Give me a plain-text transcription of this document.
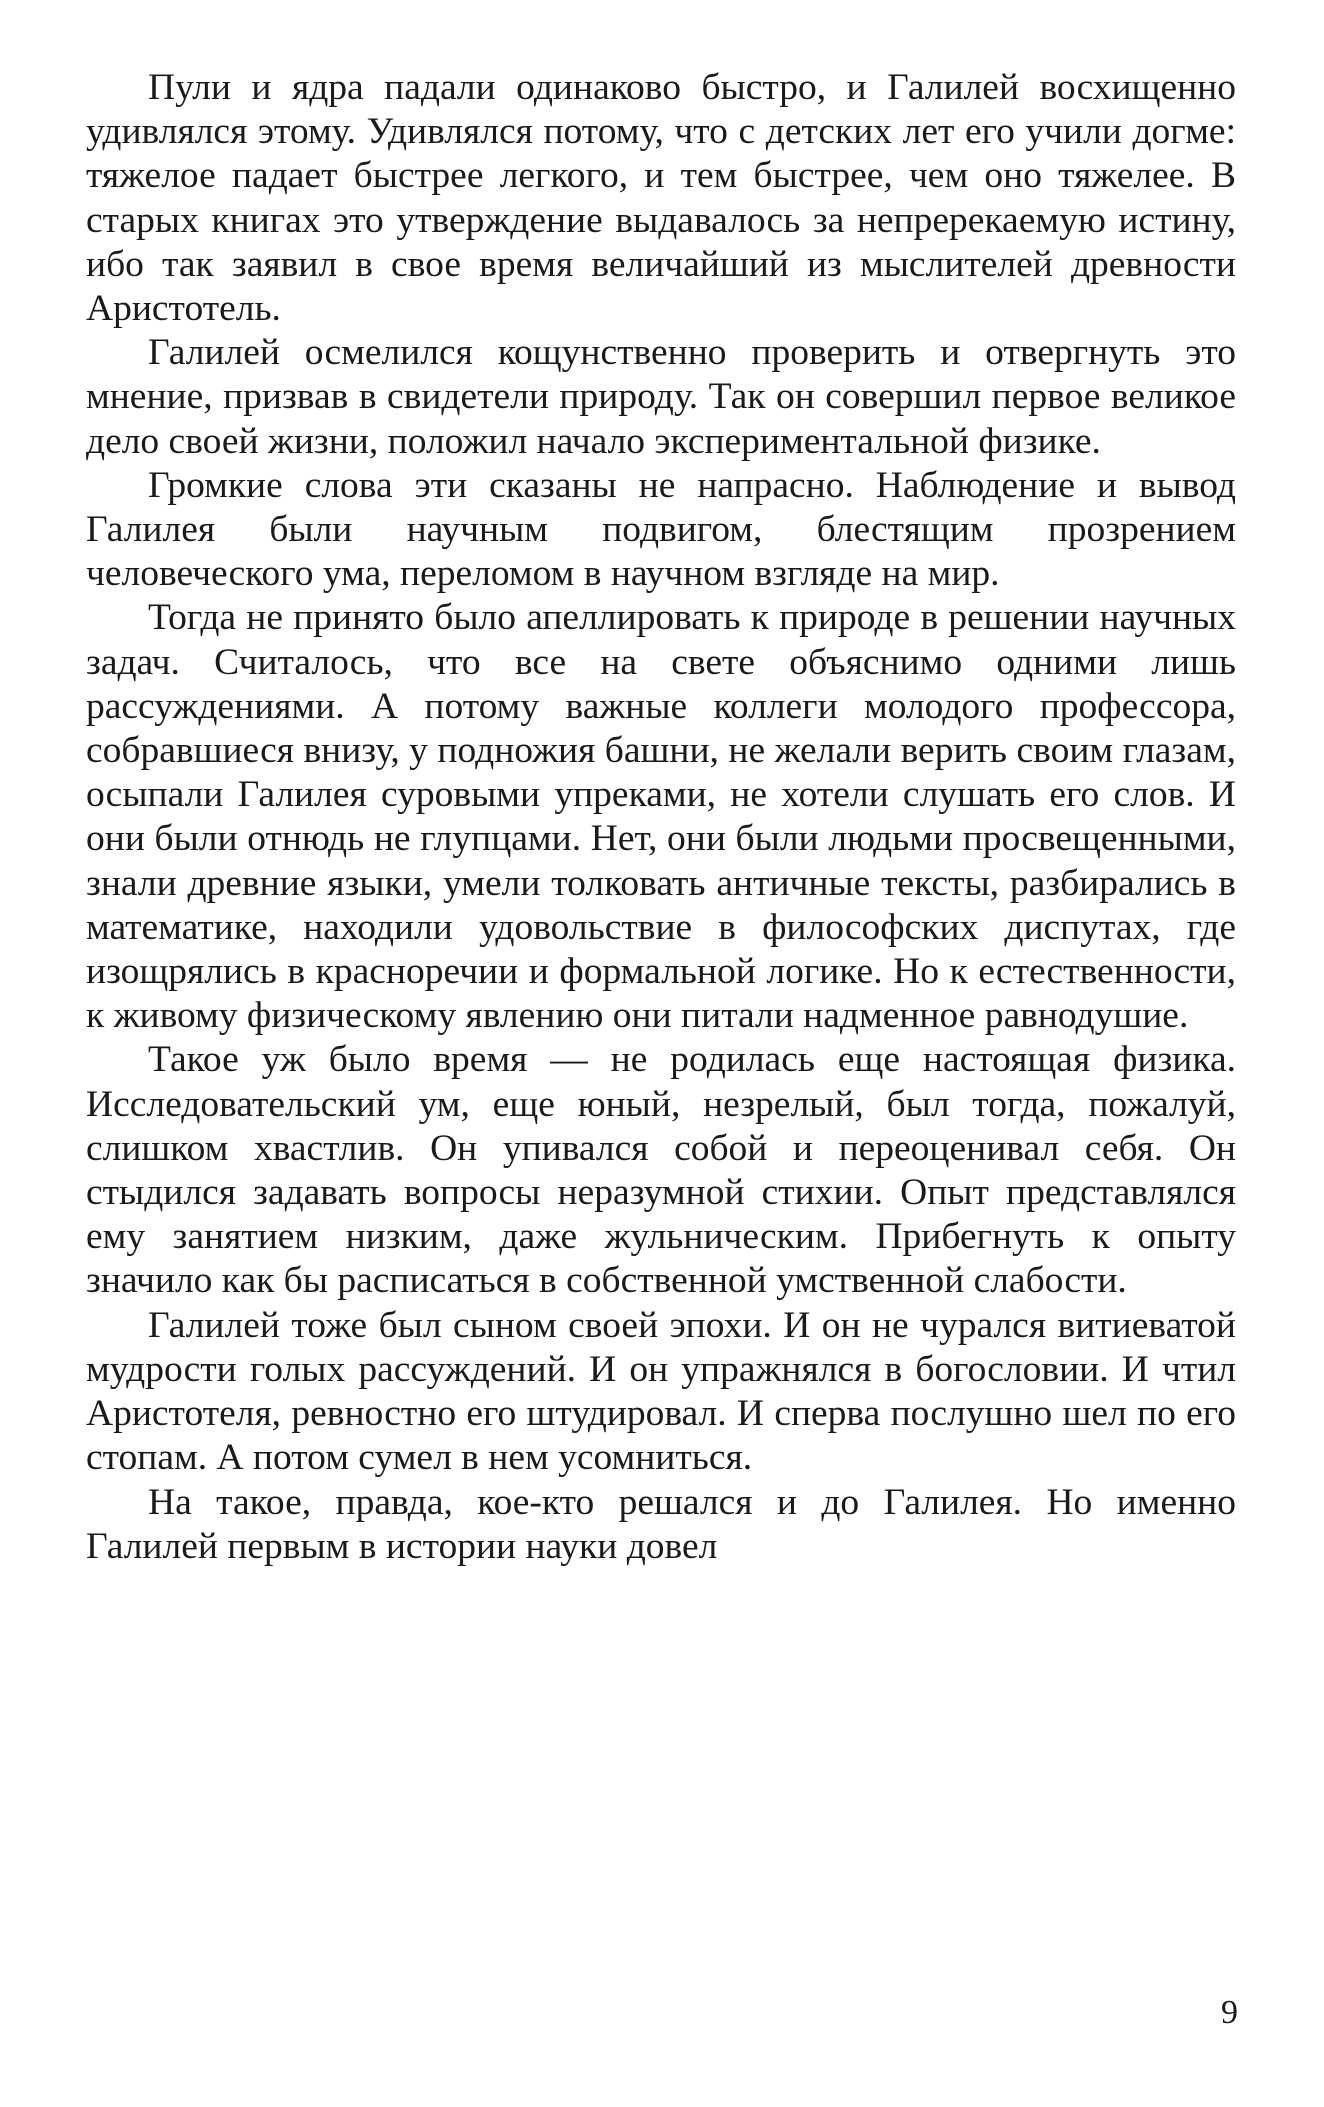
Пули и ядра падали одинаково быстро, и Галилей восхищенно удивлялся этому. Удивлялся потому, что с детских лет его учили догме: тяжелое падает быстрее легкого, и тем быстрее, чем оно тяжелее. В старых книгах это утверждение выдавалось за непререкаемую истину, ибо так заявил в свое время величайший из мыслителей древности Аристотель.

Галилей осмелился кощунственно проверить и отвергнуть это мнение, призвав в свидетели природу. Так он совершил первое великое дело своей жизни, положил начало экспериментальной физике.

Громкие слова эти сказаны не напрасно. Наблюдение и вывод Галилея были научным подвигом, блестящим прозрением человеческого ума, переломом в научном взгляде на мир.

Тогда не принято было апеллировать к природе в решении научных задач. Считалось, что все на свете объяснимо одними лишь рассуждениями. А потому важные коллеги молодого профессора, собравшиеся внизу, у подножия башни, не желали верить своим глазам, осыпали Галилея суровыми упреками, не хотели слушать его слов. И они были отнюдь не глупцами. Нет, они были людьми просвещенными, знали древние языки, умели толковать античные тексты, разбирались в математике, находили удовольствие в философских диспутах, где изощрялись в красноречии и формальной логике. Но к естественности, к живому физическому явлению они питали надменное равнодушие.

Такое уж было время — не родилась еще настоящая физика. Исследовательский ум, еще юный, незрелый, был тогда, пожалуй, слишком хвастлив. Он упивался собой и переоценивал себя. Он стыдился задавать вопросы неразумной стихии. Опыт представлялся ему занятием низким, даже жульническим. Прибегнуть к опыту значило как бы расписаться в собственной умственной слабости.

Галилей тоже был сыном своей эпохи. И он не чурался витиеватой мудрости голых рассуждений. И он упражнялся в богословии. И чтил Аристотеля, ревностно его штудировал. И сперва послушно шел по его стопам. А потом сумел в нем усомниться.

На такое, правда, кое-кто решался и до Галилея. Но именно Галилей первым в истории науки довел

9
